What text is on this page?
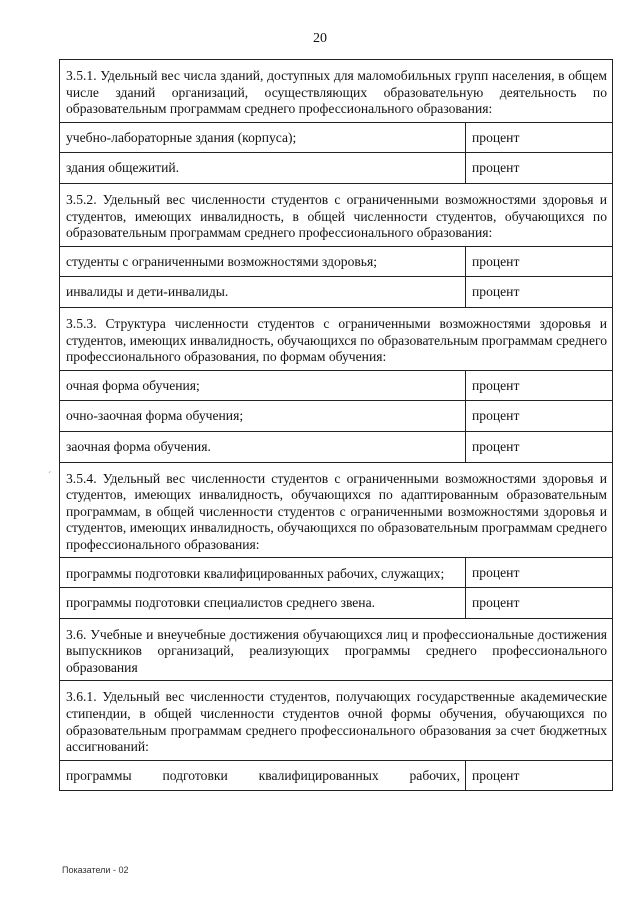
20
3.5.1. Удельный вес числа зданий, доступных для маломобильных групп населения, в общем числе зданий организаций, осуществляющих образовательную деятельность по образовательным программам среднего профессионального образования:	
учебно-лабораторные здания (корпуса);	процент
здания общежитий.	процент
3.5.2. Удельный вес численности студентов с ограниченными возможностями здоровья и студентов, имеющих инвалидность, в общей численности студентов, обучающихся по образовательным программам среднего профессионального образования:	
студенты с ограниченными возможностями здоровья;	процент
инвалиды и дети-инвалиды.	процент
3.5.3. Структура численности студентов с ограниченными возможностями здоровья и студентов, имеющих инвалидность, обучающихся по образовательным программам среднего профессионального образования, по формам обучения:	
очная форма обучения;	процент
очно-заочная форма обучения;	процент
заочная форма обучения.	процент
3.5.4. Удельный вес численности студентов с ограниченными возможностями здоровья и студентов, имеющих инвалидность, обучающихся по адаптированным образовательным программам, в общей численности студентов с ограниченными возможностями здоровья и студентов, имеющих инвалидность, обучающихся по образовательным программам среднего профессионального образования:	
программы подготовки квалифицированных рабочих, служащих;	процент
программы подготовки специалистов среднего звена.	процент
3.6. Учебные и внеучебные достижения обучающихся лиц и профессиональные достижения выпускников организаций, реализующих программы среднего профессионального образования	
3.6.1. Удельный вес численности студентов, получающих государственные академические стипендии, в общей численности студентов очной формы обучения, обучающихся по образовательным программам среднего профессионального образования за счет бюджетных ассигнований:	
программы подготовки квалифицированных рабочих,	процент
ˊ
Показатели - 02
